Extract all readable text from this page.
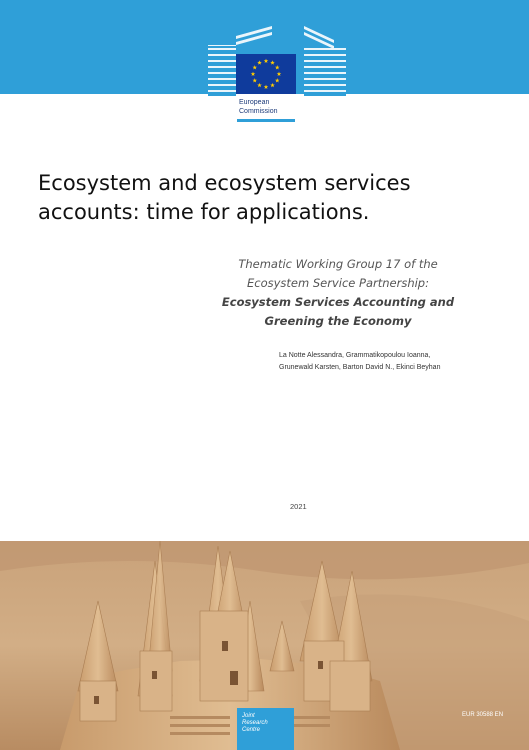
European
Commission
Ecosystem and ecosystem services
accounts: time for applications.
Thematic Working Group 17 of the
Ecosystem Service Partnership:
Ecosystem Services Accounting and
Greening the Economy
La Notte Alessandra, Grammatikopoulou Ioanna,
Grunewald Karsten, Barton David N., Ekinci Beyhan
2021
Joint
Research
Centre
EUR 30588 EN
